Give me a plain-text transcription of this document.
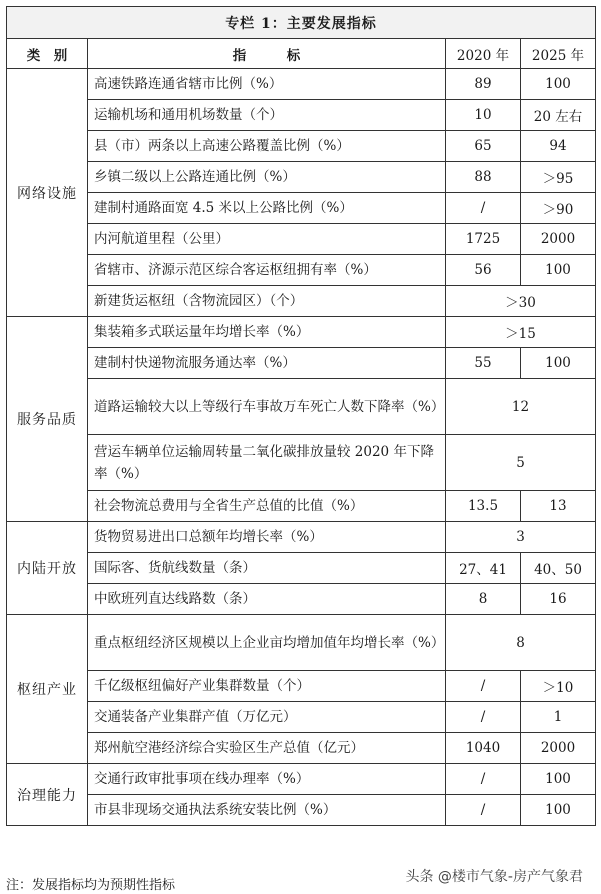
专栏 1：主要发展指标			
类　别	指　　　标	2020 年	2025 年
网络设施	高速铁路连通省辖市比例（%）	89	100
	运输机场和通用机场数量（个）	10	20 左右
	县（市）两条以上高速公路覆盖比例（%）	65	94
	乡镇二级以上公路连通比例（%）	88	＞95
	建制村通路面宽 4.5 米以上公路比例（%）	/	＞90
	内河航道里程（公里）	1725	2000
	省辖市、济源示范区综合客运枢纽拥有率（%）	56	100
	新建货运枢纽（含物流园区）（个）	＞30	
服务品质	集装箱多式联运量年均增长率（%）	＞15	
	建制村快递物流服务通达率（%）	55	100
	道路运输较大以上等级行车事故万车死亡人数下降率（%）	12	
	营运车辆单位运输周转量二氧化碳排放量较 2020 年下降率（%）	5	
	社会物流总费用与全省生产总值的比值（%）	13.5	13
内陆开放	货物贸易进出口总额年均增长率（%）	3	
	国际客、货航线数量（条）	27、41	40、50
	中欧班列直达线路数（条）	8	16
枢纽产业	重点枢纽经济区规模以上企业亩均增加值年均增长率（%）	8	
	千亿级枢纽偏好产业集群数量（个）	/	＞10
	交通装备产业集群产值（万亿元）	/	1
	郑州航空港经济综合实验区生产总值（亿元）	1040	2000
治理能力	交通行政审批事项在线办理率（%）	/	100
	市县非现场交通执法系统安装比例（%）	/	100
注：发展指标均为预期性指标
头条 @楼市气象-房产气象君
